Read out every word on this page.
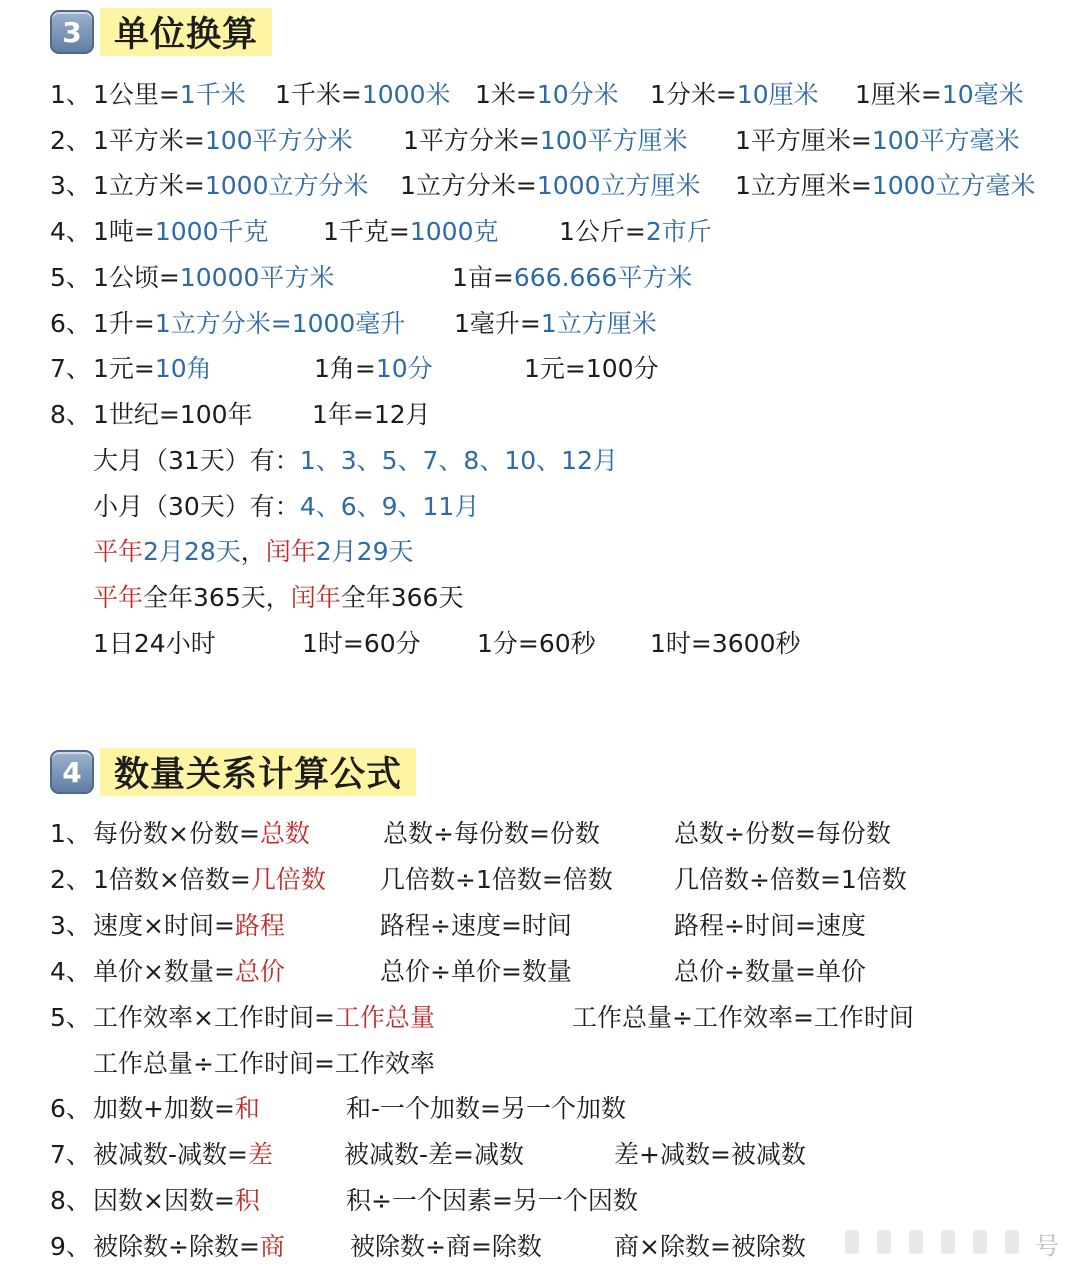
3 单位换算
1、 1公里=1千米 1千米=1000米 1米=10分米 1分米=10厘米 1厘米=10毫米
2、 1平方米=100平方分米 1平方分米=100平方厘米 1平方厘米=100平方毫米
3、 1立方米=1000立方分米 1立方分米=1000立方厘米 1立方厘米=1000立方毫米
4、 1吨=1000千克 1千克=1000克 1公斤=2市斤
5、 1公顷=10000平方米	1亩=666.666平方米
6、 1升=1立方分米=1000毫升 1毫升=1立方厘米
7、 1元=10角	1角=10分	1元=100分
8、 1世纪=100年 1年=12月
大月（31天）有：1、3、5、7、8、10、12月
小月（30天）有：4、6、9、11月
平年2月28天，闰年2月29天
平年全年365天，闰年全年366天
1日24小时	1时=60分 1分=60秒 1时=3600秒
4 数量关系计算公式
1、 每份数×份数=总数	总数÷每份数=份数	总数÷份数=每份数
2、 1倍数×倍数=几倍数 几倍数÷1倍数=倍数 几倍数÷倍数=1倍数
3、 速度×时间=路程	路程÷速度=时间	路程÷时间=速度
4、 单价×数量=总价	总价÷单价=数量	总价÷数量=单价
5、 工作效率×工作时间=工作总量	工作总量÷工作效率=工作时间
工作总量÷工作时间=工作效率
6、 加数+加数=和	和-一个加数=另一个加数
7、 被减数-减数=差	被减数-差=减数	差+减数=被减数
8、 因数×因数=积	积÷一个因素=另一个因数
9、 被除数÷除数=商	被除数÷商=除数	商×除数=被除数	号
